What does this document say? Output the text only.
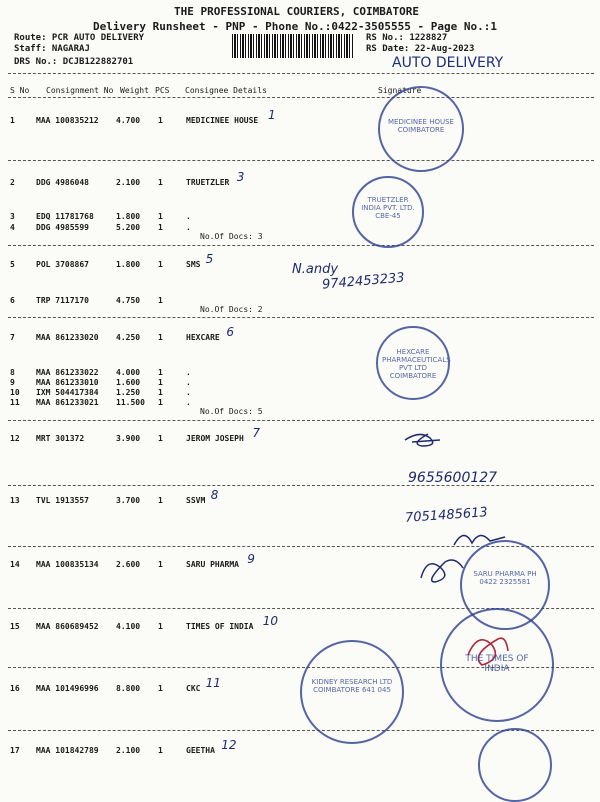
THE PROFESSIONAL COURIERS, COIMBATORE
Delivery Runsheet - PNP - Phone No.:0422-3505555 - Page No.:1
Route: PCR AUTO DELIVERY
Staff: NAGARAJ
DRS No.: DCJB122882701
RS No.: 1228827
RS Date: 22-Aug-2023
AUTO DELIVERY
S No Consignment No Weight PCS Consignee Details	Signature
1	MAA 100835212 4.700 1	MEDICINEE HOUSE 1
2	DDG 4986048	2.100 1	TRUETZLER 3
3	EDQ 11781768	1.800 1	.
4	DDG 4985599	5.200 1	.
5	POL 3708867	1.800 1	SMS 5
6	TRP 7117170	4.750 1
7	MAA 861233020 4.250 1	HEXCARE 6
8	MAA 861233022 4.000 1	.
9	MAA 861233010 1.600 1	.
10 IXM 504417384 1.250 1	.
11 MAA 861233021 11.500 1	.
12 MRT 301372	3.900 1	JEROM JOSEPH 7
13 TVL 1913557	3.700 1	SSVM 8
14 MAA 100835134 2.600 1	SARU PHARMA 9
15 MAA 860689452 4.100 1	TIMES OF INDIA 10
16 MAA 101496996 8.800 1	CKC 11
17 MAA 101842789 2.100 1	GEETHA 12
No.Of Docs: 3
No.Of Docs: 2
No.Of Docs: 5
N.andy
9742453233
9655600127
7051485613
MEDICINEE HOUSE COIMBATORE
TRUETZLER INDIA PVT. LTD. CBE-45
HEXCARE PHARMACEUTICALS PVT LTD COIMBATORE
SARU PHARMA PH 0422 2325581
KIDNEY RESEARCH LTD COIMBATORE 641 045
THE TIMES OF INDIA
